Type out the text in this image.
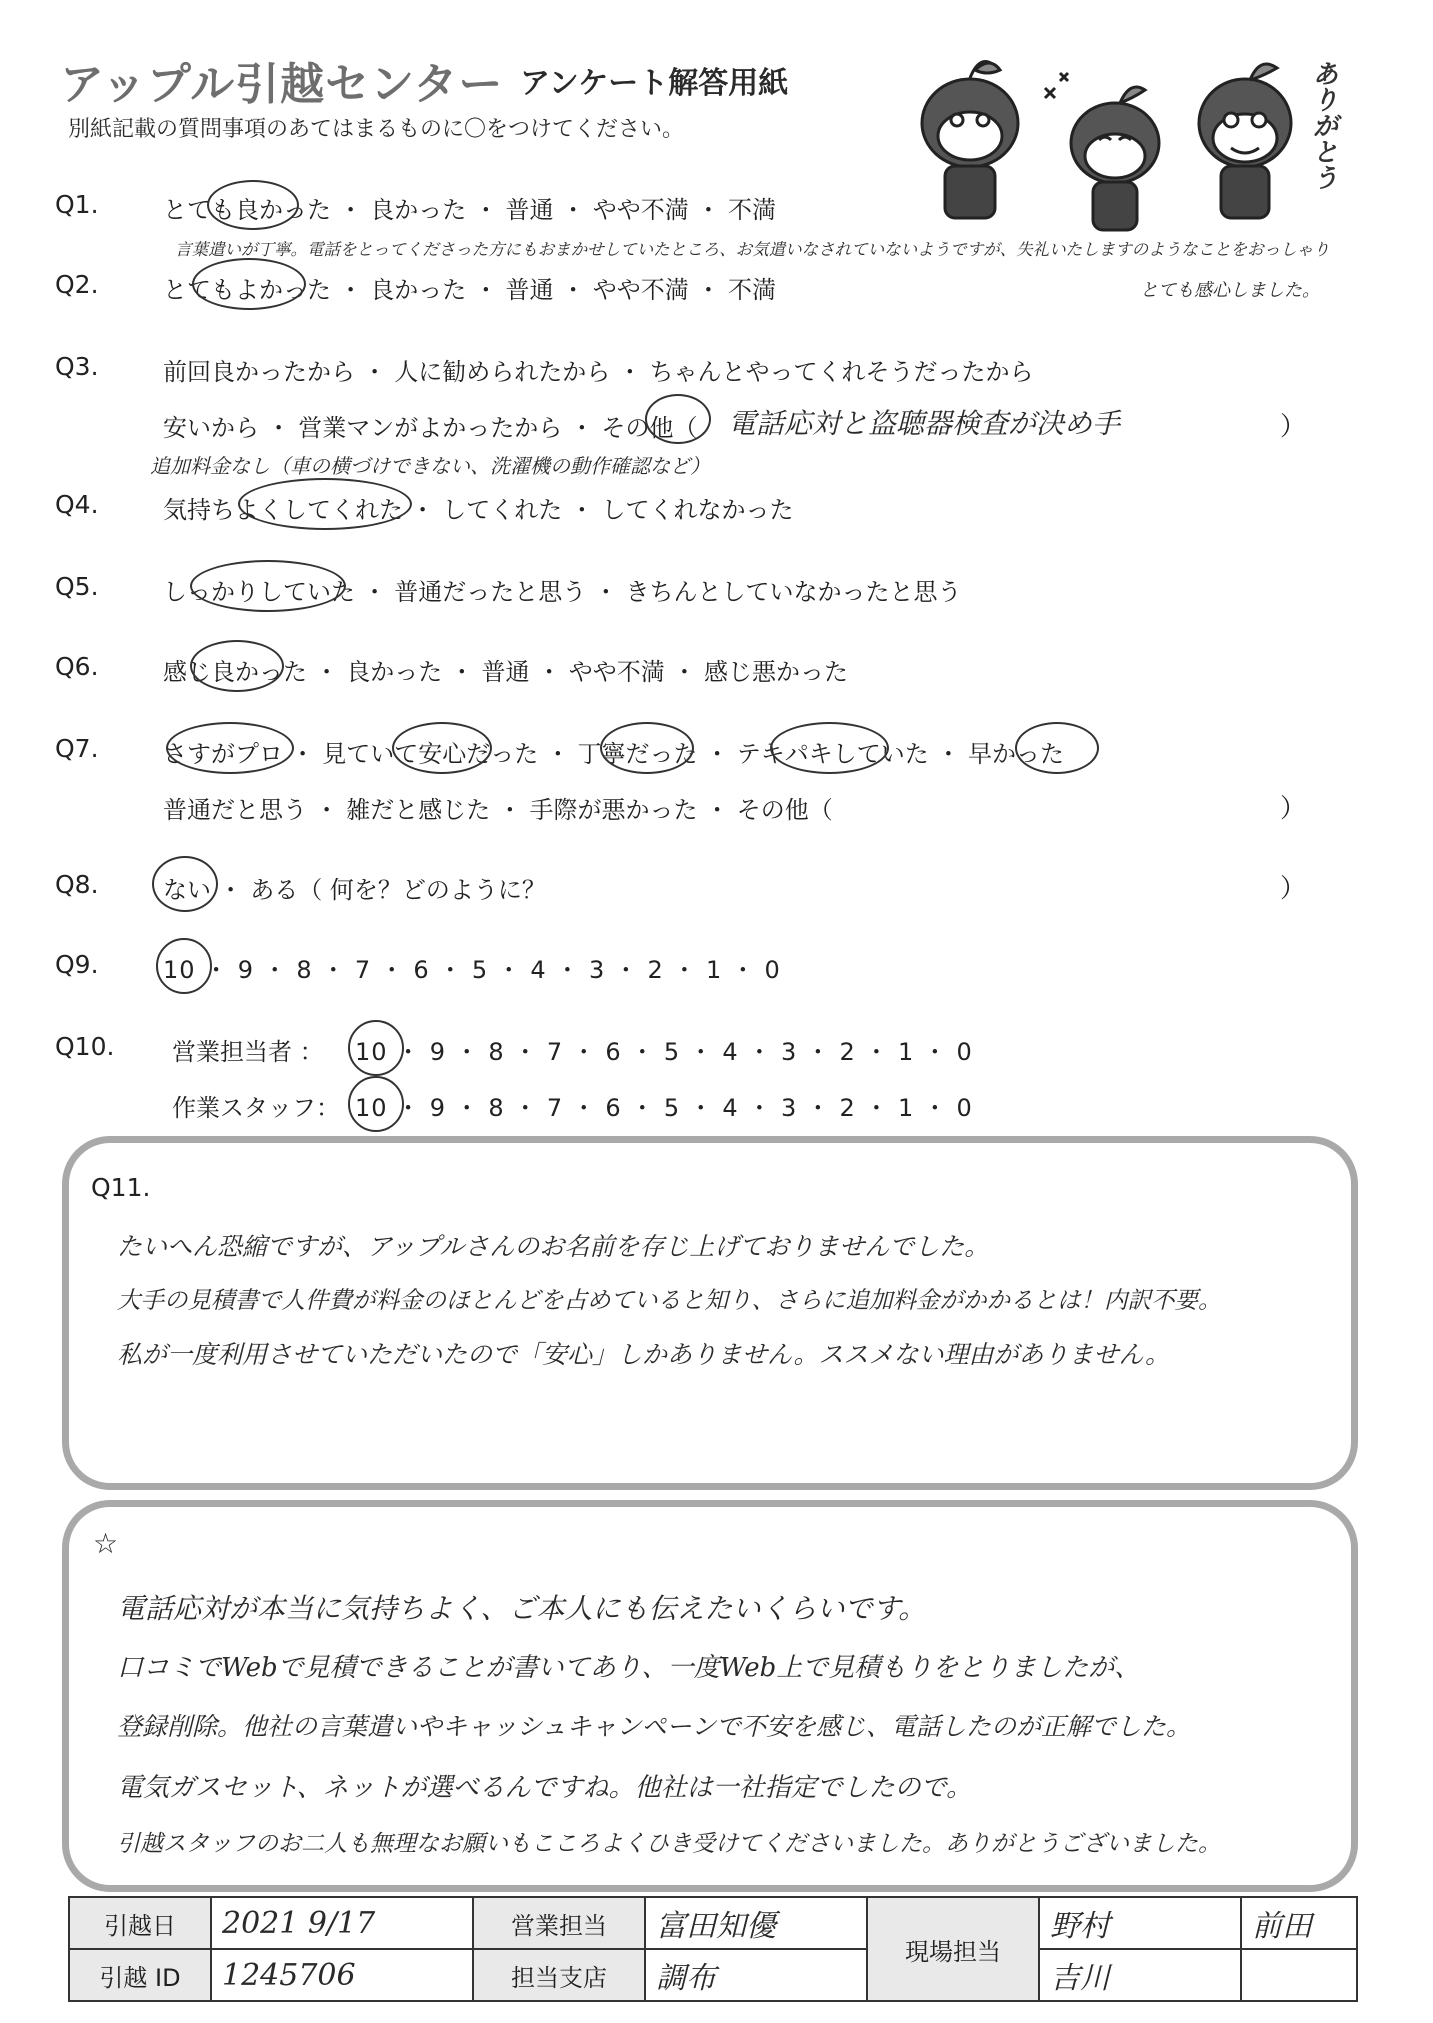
アップル引越センター アンケート解答用紙
別紙記載の質問事項のあてはまるものに〇をつけてください。	ありがとう
Q1.	とても良かった ・ 良かった ・ 普通 ・ やや不満 ・ 不満
言葉遣いが丁寧。電話をとってくださった方にもおまかせしていたところ、お気遣いなされていないようですが、失礼いたしますのようなことをおっしゃり
とても感心しました。
Q2.	とてもよかった ・ 良かった ・ 普通 ・ やや不満 ・ 不満
Q3.	前回良かったから ・ 人に勧められたから ・ ちゃんとやってくれそうだったから
安いから ・ 営業マンがよかったから ・ その他（	）
電話応対と盗聴器検査が決め手
追加料金なし（車の横づけできない、洗濯機の動作確認など）
Q4.	気持ちよくしてくれた ・ してくれた ・ してくれなかった
Q5.	しっかりしていた ・ 普通だったと思う ・ きちんとしていなかったと思う
Q6.	感じ良かった ・ 良かった ・ 普通 ・ やや不満 ・ 感じ悪かった
Q7.	さすがプロ ・ 見ていて安心だった ・ 丁寧だった ・ テキパキしていた ・ 早かった
普通だと思う ・ 雑だと感じた ・ 手際が悪かった ・ その他（	）
Q8.	ない ・ ある（ 何を？どのように？	）
Q9.	10 ・ 9 ・ 8 ・ 7 ・ 6 ・ 5 ・ 4 ・ 3 ・ 2 ・ 1 ・ 0
Q10. 営業担当者 ： 10 ・ 9 ・ 8 ・ 7 ・ 6 ・ 5 ・ 4 ・ 3 ・ 2 ・ 1 ・ 0
作業スタッフ： 10 ・ 9 ・ 8 ・ 7 ・ 6 ・ 5 ・ 4 ・ 3 ・ 2 ・ 1 ・ 0
Q11.
たいへん恐縮ですが、アップルさんのお名前を存じ上げておりませんでした。
大手の見積書で人件費が料金のほとんどを占めていると知り、さらに追加料金がかかるとは！内訳不要。
私が一度利用させていただいたので「安心」しかありません。ススメない理由がありません。
☆
電話応対が本当に気持ちよく、ご本人にも伝えたいくらいです。
口コミでWebで見積できることが書いてあり、一度Web上で見積もりをとりましたが、
登録削除。他社の言葉遣いやキャッシュキャンペーンで不安を感じ、電話したのが正解でした。
電気ガスセット、ネットが選べるんですね。他社は一社指定でしたので。
引越スタッフのお二人も無理なお願いもこころよくひき受けてくださいました。ありがとうございました。
引越日	2021 9/17	営業担当	富田知優	現場担当	野村	前田
引越 ID	1245706	担当支店	調布		吉川	
